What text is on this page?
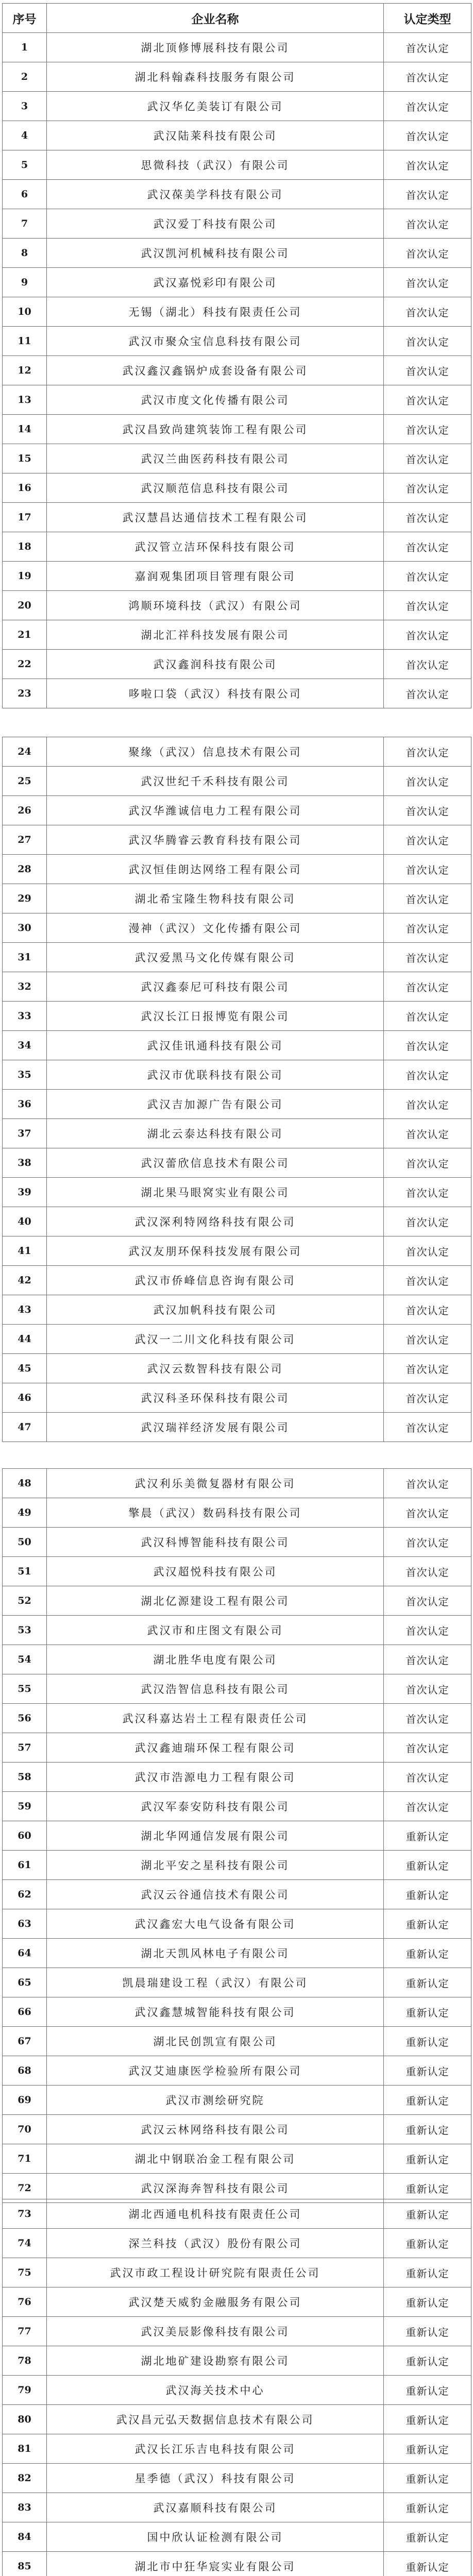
序号	企业名称	认定类型
1	湖北顶修博展科技有限公司	首次认定
2	湖北科翰森科技服务有限公司	首次认定
3	武汉华亿美装订有限公司	首次认定
4	武汉陆莱科技有限公司	首次认定
5	思微科技（武汉）有限公司	首次认定
6	武汉葆美学科技有限公司	首次认定
7	武汉爱丁科技有限公司	首次认定
8	武汉凯河机械科技有限公司	首次认定
9	武汉嘉悦彩印有限公司	首次认定
10	无锡（湖北）科技有限责任公司	首次认定
11	武汉市聚众宝信息科技有限公司	首次认定
12	武汉鑫汉鑫锅炉成套设备有限公司	首次认定
13	武汉市度文化传播有限公司	首次认定
14	武汉昌致尚建筑装饰工程有限公司	首次认定
15	武汉兰曲医药科技有限公司	首次认定
16	武汉顺范信息科技有限公司	首次认定
17	武汉慧昌达通信技术工程有限公司	首次认定
18	武汉管立洁环保科技有限公司	首次认定
19	嘉润观集团项目管理有限公司	首次认定
20	鸿顺环境科技（武汉）有限公司	首次认定
21	湖北汇祥科技发展有限公司	首次认定
22	武汉鑫润科技有限公司	首次认定
23	哆啦口袋（武汉）科技有限公司	首次认定
24	聚缘（武汉）信息技术有限公司	首次认定
25	武汉世纪千禾科技有限公司	首次认定
26	武汉华潍诚信电力工程有限公司	首次认定
27	武汉华腾睿云教育科技有限公司	首次认定
28	武汉恒佳朗达网络工程有限公司	首次认定
29	湖北希宝隆生物科技有限公司	首次认定
30	漫神（武汉）文化传播有限公司	首次认定
31	武汉爱黑马文化传媒有限公司	首次认定
32	武汉鑫泰尼可科技有限公司	首次认定
33	武汉长江日报博览有限公司	首次认定
34	武汉佳讯通科技有限公司	首次认定
35	武汉市优联科技有限公司	首次认定
36	武汉吉加源广告有限公司	首次认定
37	湖北云泰达科技有限公司	首次认定
38	武汉蕾欣信息技术有限公司	首次认定
39	湖北果马眼窝实业有限公司	首次认定
40	武汉深利特网络科技有限公司	首次认定
41	武汉友朋环保科技发展有限公司	首次认定
42	武汉市侨峰信息咨询有限公司	首次认定
43	武汉加帆科技有限公司	首次认定
44	武汉一二川文化科技有限公司	首次认定
45	武汉云数智科技有限公司	首次认定
46	武汉科圣环保科技有限公司	首次认定
47	武汉瑞祥经济发展有限公司	首次认定
48	武汉利乐美微复器材有限公司	首次认定
49	擎晨（武汉）数码科技有限公司	首次认定
50	武汉科博智能科技有限公司	首次认定
51	武汉超悦科技有限公司	首次认定
52	湖北亿源建设工程有限公司	首次认定
53	武汉市和庄图文有限公司	首次认定
54	湖北胜华电度有限公司	首次认定
55	武汉浩智信息科技有限公司	首次认定
56	武汉科嘉达岩土工程有限责任公司	首次认定
57	武汉鑫迪瑞环保工程有限公司	首次认定
58	武汉市浩源电力工程有限公司	首次认定
59	武汉军泰安防科技有限公司	首次认定
60	湖北华网通信发展有限公司	重新认定
61	湖北平安之星科技有限公司	重新认定
62	武汉云谷通信技术有限公司	重新认定
63	武汉鑫宏大电气设备有限公司	重新认定
64	湖北天凯风林电子有限公司	重新认定
65	凯晨瑞建设工程（武汉）有限公司	重新认定
66	武汉鑫慧城智能科技有限公司	重新认定
67	湖北民创凯宣有限公司	重新认定
68	武汉艾迪康医学检验所有限公司	重新认定
69	武汉市测绘研究院	重新认定
70	武汉云林网络科技有限公司	重新认定
71	湖北中钢联冶金工程有限公司	重新认定
72	武汉深海奔智科技有限公司	重新认定
73	湖北西通电机科技有限责任公司	重新认定
74	深兰科技（武汉）股份有限公司	重新认定
75	武汉市政工程设计研究院有限责任公司	重新认定
76	武汉楚天威豹金融服务有限公司	重新认定
77	武汉美辰影像科技有限公司	重新认定
78	湖北地矿建设勘察有限公司	重新认定
79	武汉海关技术中心	重新认定
80	武汉昌元弘天数据信息技术有限公司	重新认定
81	武汉长江乐吉电科技有限公司	重新认定
82	星季德（武汉）科技有限公司	重新认定
83	武汉嘉顺科技有限公司	重新认定
84	国中欣认证检测有限公司	重新认定
85	湖北市中狂华宸实业有限公司	重新认定
